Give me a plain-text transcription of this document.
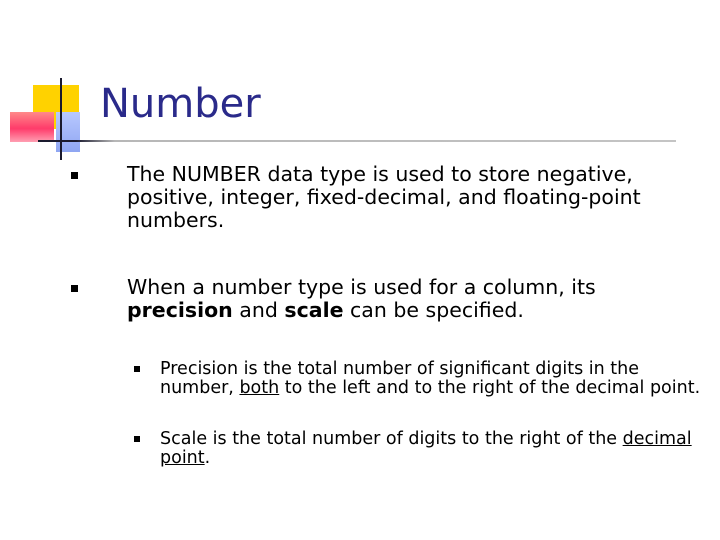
Number
The NUMBER data type is used to store negative, positive, integer, fixed-decimal, and floating-point numbers.
When a number type is used for a column, its precision and scale can be specified.
Precision is the total number of significant digits in the number, both to the left and to the right of the decimal point.
Scale is the total number of digits to the right of the decimal point.
